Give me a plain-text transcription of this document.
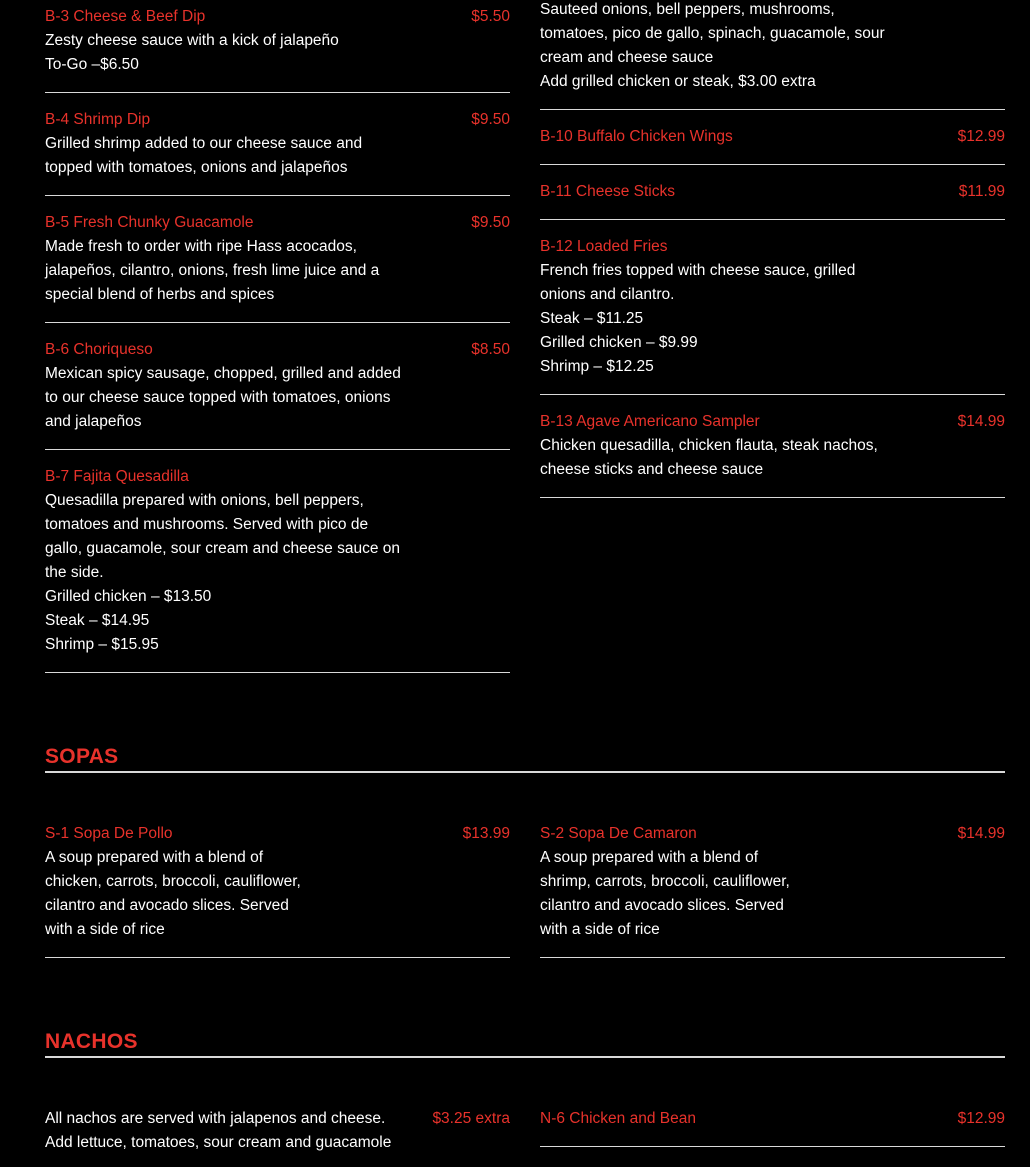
B-3 Cheese & Beef Dip	$5.50
Zesty cheese sauce with a kick of jalapeño
To-Go –$6.50
B-4 Shrimp Dip	$9.50
Grilled shrimp added to our cheese sauce and
topped with tomatoes, onions and jalapeños
B-5 Fresh Chunky Guacamole	$9.50
Made fresh to order with ripe Hass acocados,
jalapeños, cilantro, onions, fresh lime juice and a
special blend of herbs and spices
B-6 Choriqueso	$8.50
Mexican spicy sausage, chopped, grilled and added
to our cheese sauce topped with tomatoes, onions
and jalapeños
B-7 Fajita Quesadilla
Quesadilla prepared with onions, bell peppers,
tomatoes and mushrooms. Served with pico de
gallo, guacamole, sour cream and cheese sauce on
the side.
Grilled chicken – $13.50
Steak – $14.95
Shrimp – $15.95
Sauteed onions, bell peppers, mushrooms,
tomatoes, pico de gallo, spinach, guacamole, sour
cream and cheese sauce
Add grilled chicken or steak, $3.00 extra
B-10 Buffalo Chicken Wings	$12.99
B-11 Cheese Sticks	$11.99
B-12 Loaded Fries
French fries topped with cheese sauce, grilled
onions and cilantro.
Steak – $11.25
Grilled chicken – $9.99
Shrimp – $12.25
B-13 Agave Americano Sampler	$14.99
Chicken quesadilla, chicken flauta, steak nachos,
cheese sticks and cheese sauce
SOPAS
S-1 Sopa De Pollo	$13.99
A soup prepared with a blend of
chicken, carrots, broccoli, cauliflower,
cilantro and avocado slices. Served
with a side of rice
S-2 Sopa De Camaron	$14.99
A soup prepared with a blend of
shrimp, carrots, broccoli, cauliflower,
cilantro and avocado slices. Served
with a side of rice
NACHOS
$3.25 extra
All nachos are served with jalapenos and cheese.
Add lettuce, tomatoes, sour cream and guacamole
N-6 Chicken and Bean	$12.99
